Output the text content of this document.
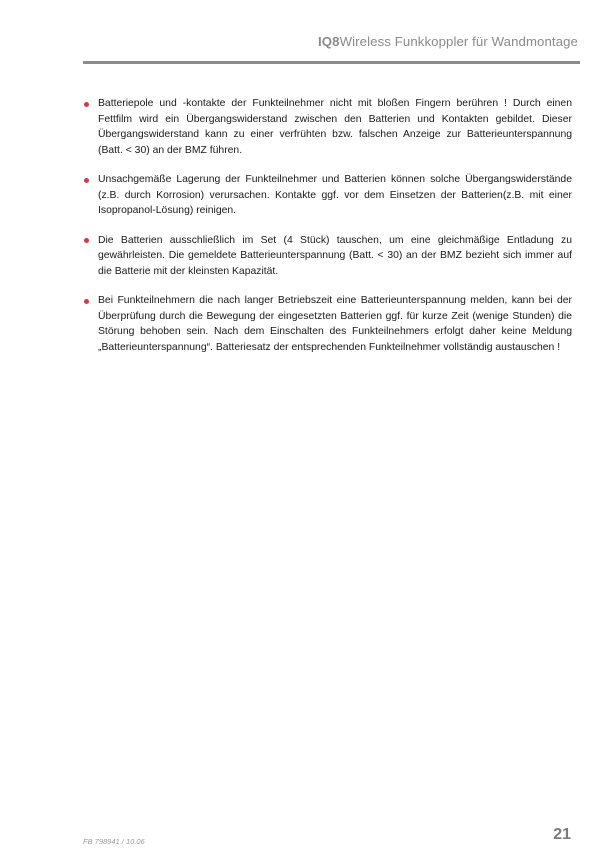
IQ8Wireless Funkkoppler für Wandmontage
Batteriepole und -kontakte der Funkteilnehmer nicht mit bloßen Fingern berühren ! Durch einen Fettfilm wird ein Übergangswiderstand zwischen den Batterien und Kontakten gebildet. Dieser Übergangswiderstand kann zu einer verfrühten bzw. falschen Anzeige zur Batterieunterspannung (Batt. < 30) an der BMZ führen.
Unsachgemäße Lagerung der Funkteilnehmer und Batterien können solche Übergangswiderstände (z.B. durch Korrosion) verursachen. Kontakte ggf. vor dem Einsetzen der Batterien(z.B. mit einer Isopropanol-Lösung) reinigen.
Die Batterien ausschließlich im Set (4 Stück) tauschen, um eine gleichmäßige Entladung zu gewährleisten. Die gemeldete Batterieunterspannung (Batt. < 30) an der BMZ bezieht sich immer auf die Batterie mit der kleinsten Kapazität.
Bei Funkteilnehmern die nach langer Betriebszeit eine Batterieunterspannung melden, kann bei der Überprüfung durch die Bewegung der eingesetzten Batterien ggf. für kurze Zeit (wenige Stunden) die Störung behoben sein. Nach dem Einschalten des Funkteilnehmers erfolgt daher keine Meldung „Batterieunterspannung“. Batteriesatz der entsprechenden Funkteilnehmer vollständig austauschen !
FB 798941 / 10.06	21
